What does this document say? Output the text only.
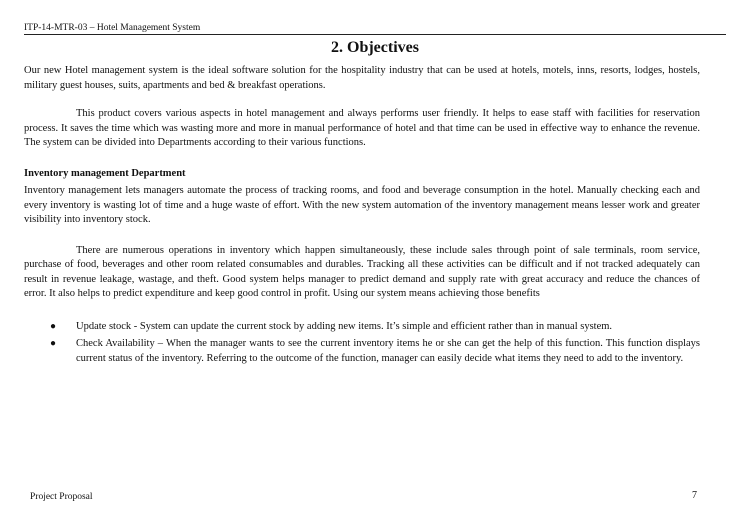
ITP-14-MTR-03 – Hotel Management System
2. Objectives

Our new Hotel management system is the ideal software solution for the hospitality industry that can be used at hotels, motels, inns, resorts, lodges, hostels, military guest houses, suits, apartments and bed & breakfast operations.

This product covers various aspects in hotel management and always performs user friendly. It helps to ease staff with facilities for reservation process. It saves the time which was wasting more and more in manual performance of hotel and that time can be used in effective way to enhance the revenue. The system can be divided into Departments according to their various functions.

Inventory management Department

Inventory management lets managers automate the process of tracking rooms, and food and beverage consumption in the hotel. Manually checking each and every inventory is wasting lot of time and a huge waste of effort. With the new system automation of the inventory management means lesser work and greater visibility into inventory stock.

There are numerous operations in inventory which happen simultaneously, these include sales through point of sale terminals, room service, purchase of food, beverages and other room related consumables and durables. Tracking all these activities can be difficult and if not tracked adequately can result in revenue leakage, wastage, and theft. Good system helps manager to predict demand and supply rate with great accuracy and reduce the chances of error. It also helps to predict expenditure and keep good control in profit. Using our system means achieving those benefits

● Update stock - System can update the current stock by adding new items. It’s simple and efficient rather than in manual system.
● Check Availability – When the manager wants to see the current inventory items he or she can get the help of this function. This function displays current status of the inventory. Referring to the outcome of the function, manager can easily decide what items they need to add to the inventory.
Project Proposal	7
